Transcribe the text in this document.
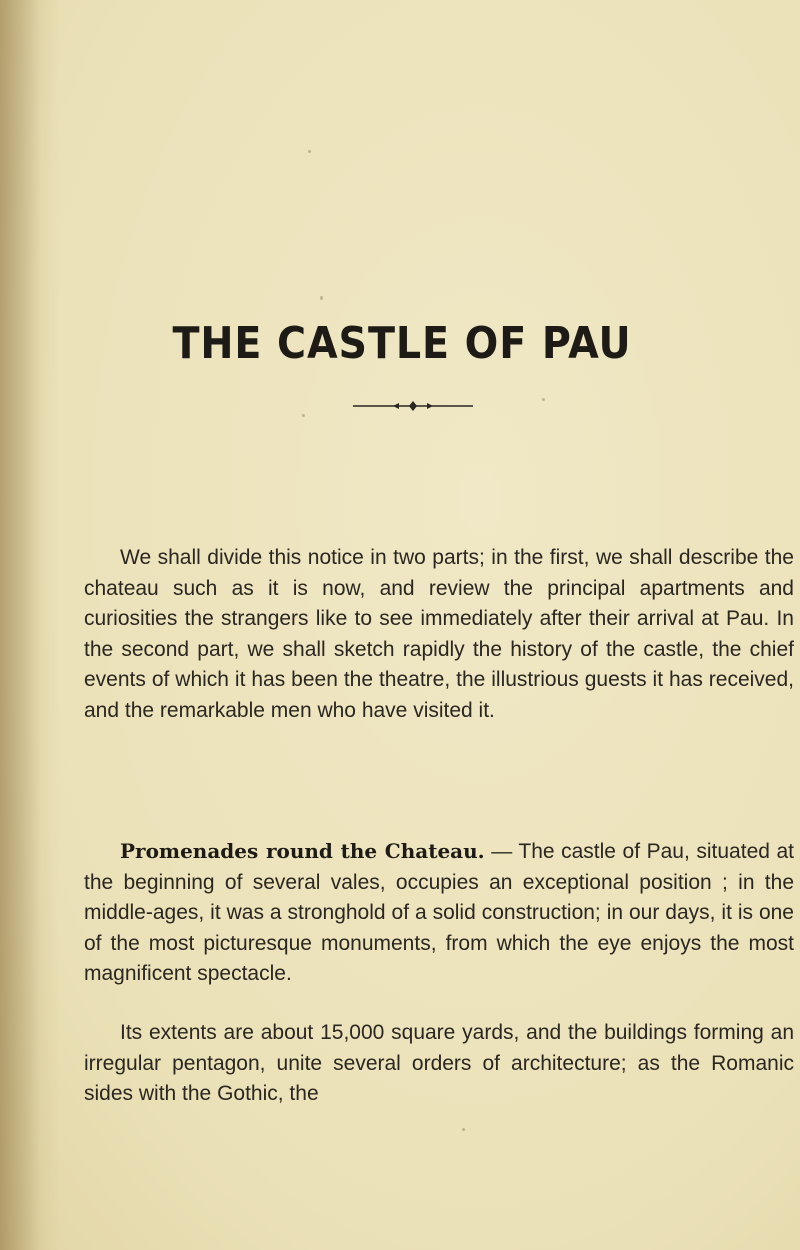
THE CASTLE OF PAU
We shall divide this notice in two parts; in the first, we shall describe the chateau such as it is now, and review the principal apartments and curiosities the strangers like to see immediately after their arrival at Pau. In the second part, we shall sketch rapidly the history of the castle, the chief events of which it has been the theatre, the illustrious guests it has received, and the remarkable men who have visited it.
Promenades round the Chateau. — The castle of Pau, situated at the beginning of several vales, occupies an exceptional position ; in the middle-ages, it was a stronghold of a solid construction; in our days, it is one of the most picturesque monuments, from which the eye enjoys the most magnificent spectacle.
Its extents are about 15,000 square yards, and the buildings forming an irregular pentagon, unite several orders of architecture; as the Romanic sides with the Gothic, the
